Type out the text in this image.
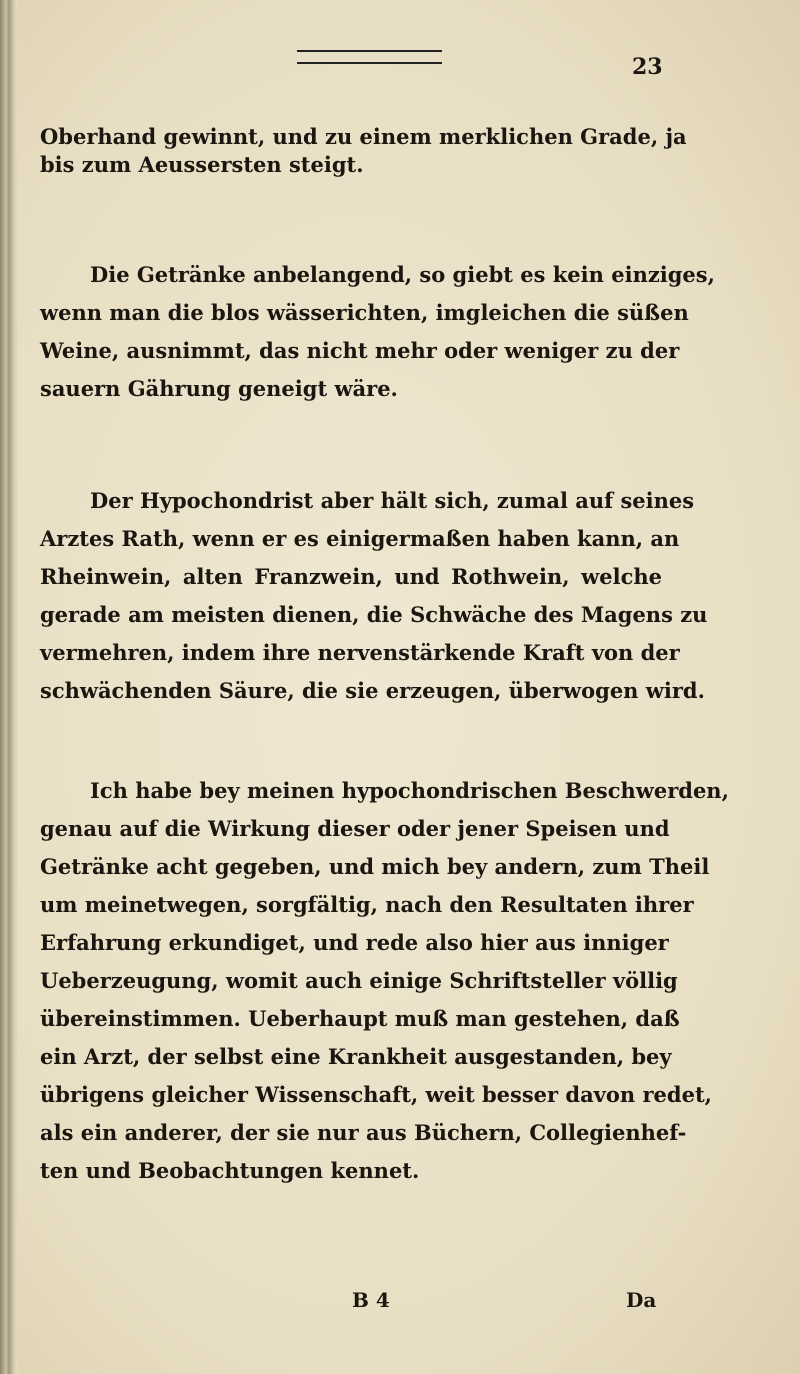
23
Oberhand gewinnt, und zu einem merklichen Grade, ja
bis zum Aeussersten steigt.
Die Getränke anbelangend, so giebt es kein einziges,
wenn man die blos wässerichten, imgleichen die süßen
Weine, ausnimmt, das nicht mehr oder weniger zu der
sauern Gährung geneigt wäre.
Der Hypochondrist aber hält sich, zumal auf seines
Arztes Rath, wenn er es einigermaßen haben kann, an
Rheinwein, alten Franzwein, und Rothwein, welche
gerade am meisten dienen, die Schwäche des Magens zu
vermehren, indem ihre nervenstärkende Kraft von der
schwächenden Säure, die sie erzeugen, überwogen wird.
Ich habe bey meinen hypochondrischen Beschwerden,
genau auf die Wirkung dieser oder jener Speisen und
Getränke acht gegeben, und mich bey andern, zum Theil
um meinetwegen, sorgfältig, nach den Resultaten ihrer
Erfahrung erkundiget, und rede also hier aus inniger
Ueberzeugung, womit auch einige Schriftsteller völlig
übereinstimmen. Ueberhaupt muß man gestehen, daß
ein Arzt, der selbst eine Krankheit ausgestanden, bey
übrigens gleicher Wissenschaft, weit besser davon redet,
als ein anderer, der sie nur aus Büchern, Collegienhef-
ten und Beobachtungen kennet.
B 4	Da
